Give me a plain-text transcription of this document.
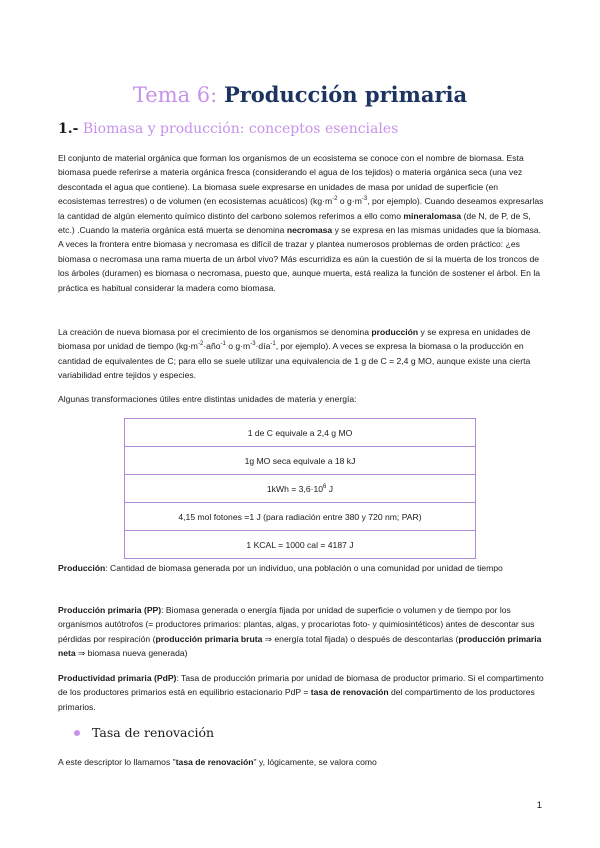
Tema 6: Producción primaria
1.- Biomasa y producción: conceptos esenciales

El conjunto de material orgánica que forman los organismos de un ecosistema se conoce con el nombre de biomasa. Esta biomasa puede referirse a materia orgánica fresca (considerando el agua de los tejidos) o materia orgánica seca (una vez descontada el agua que contiene). La biomasa suele expresarse en unidades de masa por unidad de superficie (en ecosistemas terrestres) o de volumen (en ecosistemas acuáticos) ($kg\cdot m^{-2}$ o $g\cdot m^{-3}$, por ejemplo). Cuando deseamos expresarlas la cantidad de algún elemento químico distinto del carbono solemos referimos a ello como mineralomasa (de N, de P, de S, etc.) .Cuando la materia orgánica está muerta se denomina necromasa y se expresa en las mismas unidades que la biomasa. A veces la frontera entre biomasa y necromasa es difícil de trazar y plantea numerosos problemas de orden práctico: ¿es biomasa o necromasa una rama muerta de un árbol vivo? Más escurridiza es aún la cuestión de si la muerta de los troncos de los árboles (duramen) es biomasa o necromasa, puesto que, aunque muerta, está realiza la función de sostener el árbol. En la práctica es habitual considerar la madera como biomasa.

La creación de nueva biomasa por el crecimiento de los organismos se denomina producción y se expresa en unidades de biomasa por unidad de tiempo ($kg\cdot m^{-2}\cdot año^{-1}$ o $g\cdot m^{-3}\cdot día^{-1}$, por ejemplo). A veces se expresa la biomasa o la producción en cantidad de equivalentes de C; para ello se suele utilizar una equivalencia de 1 g de C = 2,4 g MO, aunque existe una cierta variabilidad entre tejidos y especies.

Algunas transformaciones útiles entre distintas unidades de materia y energía:

1 de C equivale a 2,4 g MO
1g MO seca equivale a 18 kJ
$1kWh = 3,6\cdot 10^6$ J
4,15 mol fotones =1 J (para radiación entre 380 y 720 nm; PAR)
1 KCAL = 1000 cal = 4187 J

Producción: Cantidad de biomasa generada por un individuo, una población o una comunidad por unidad de tiempo

Producción primaria (PP): Biomasa generada o energía fijada por unidad de superficie o volumen y de tiempo por los organismos autótrofos (= productores primarios: plantas, algas, y procariotas foto- y quimiosintéticos) antes de descontar sus pérdidas por respiración (producción primaria bruta ⇒ energía total fijada) o después de descontarlas (producción primaria neta ⇒ biomasa nueva generada)

Productividad primaria (PdP): Tasa de producción primaria por unidad de biomasa de productor primario. Si el compartimento de los productores primarios está en equilibrio estacionario PdP = tasa de renovación del compartimento de los productores primarios.

Tasa de renovación

A este descriptor lo llamamos "tasa de renovación" y, lógicamente, se valora como

1
